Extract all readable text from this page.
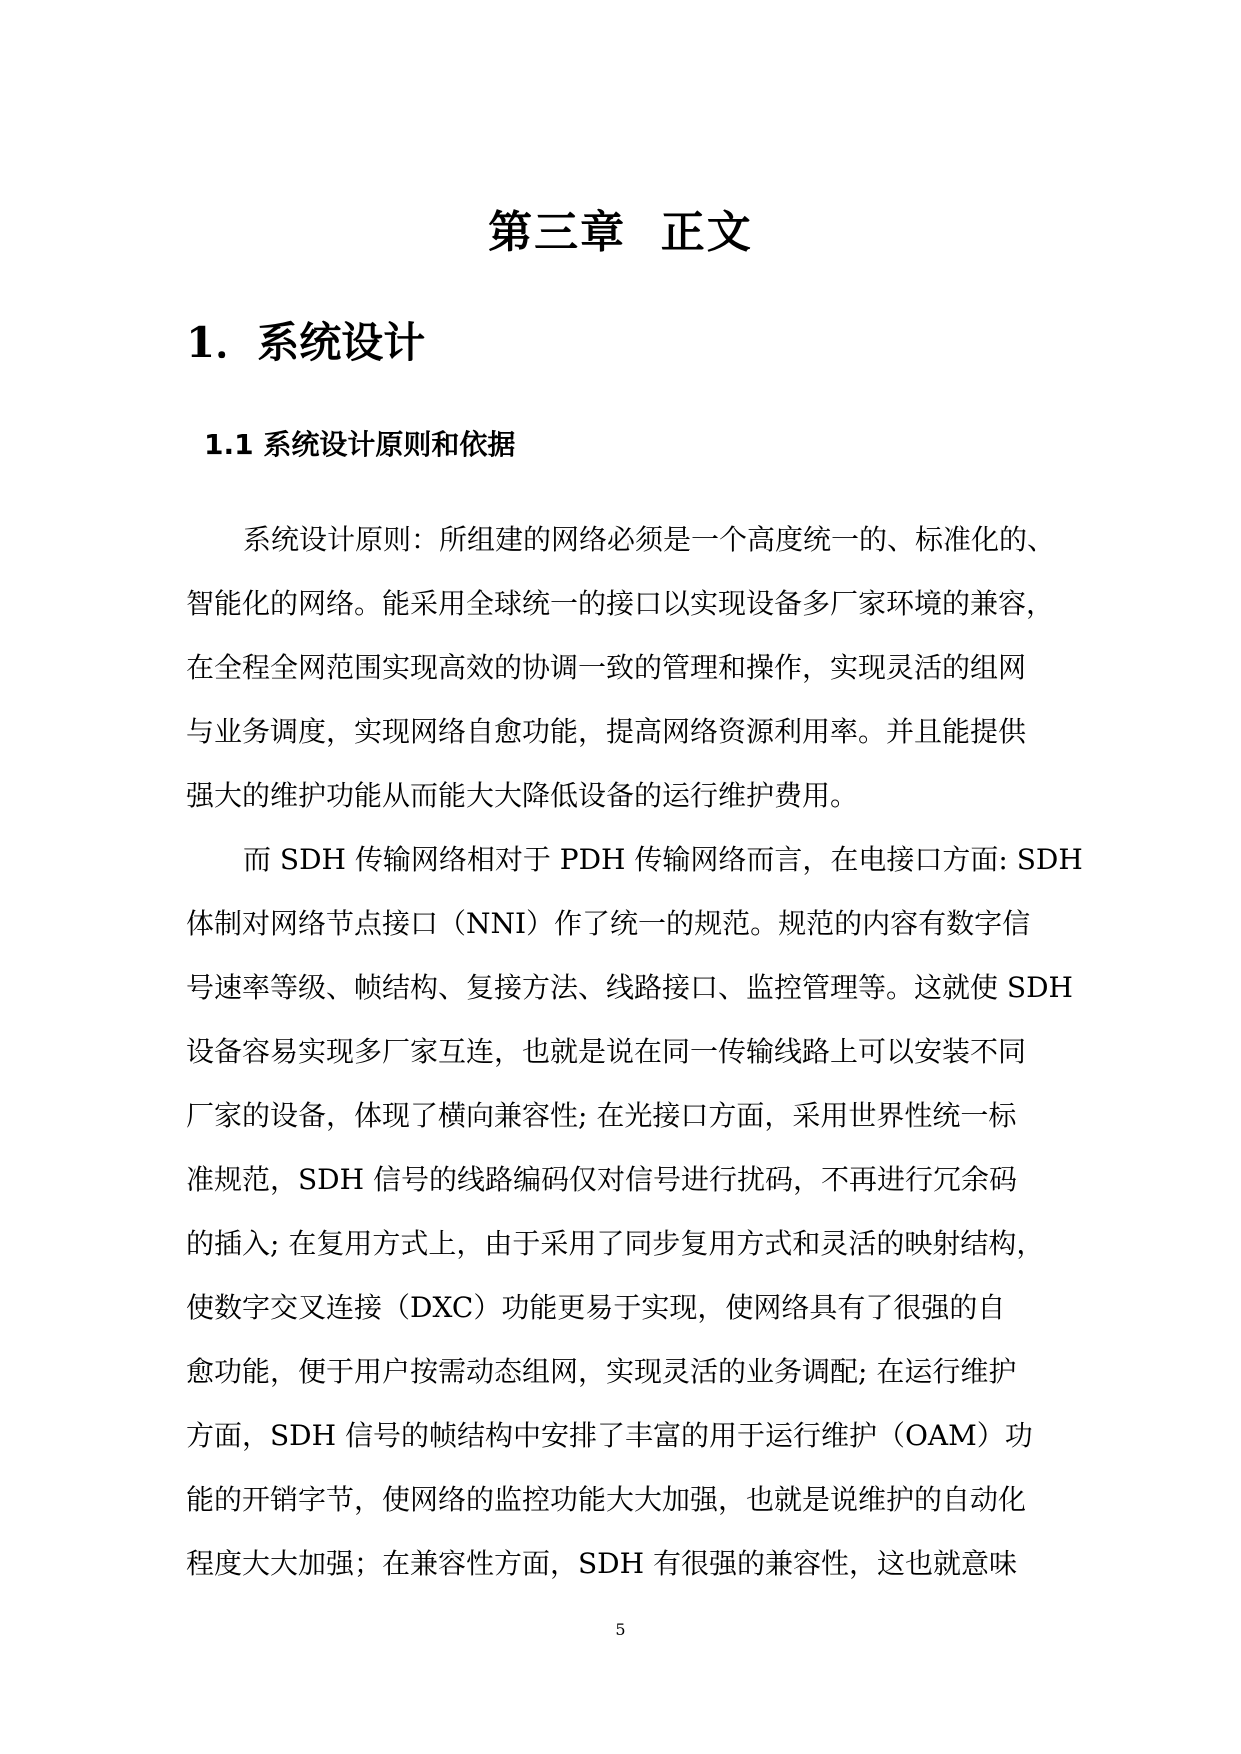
第三章  正文
1．系统设计
1.1 系统设计原则和依据
系统设计原则：所组建的网络必须是一个高度统一的、标准化的、
智能化的网络。能采用全球统一的接口以实现设备多厂家环境的兼容，
在全程全网范围实现高效的协调一致的管理和操作，实现灵活的组网
与业务调度，实现网络自愈功能，提高网络资源利用率。并且能提供
强大的维护功能从而能大大降低设备的运行维护费用。
而 SDH 传输网络相对于 PDH 传输网络而言，在电接口方面: SDH
体制对网络节点接口（NNI）作了统一的规范。规范的内容有数字信
号速率等级、帧结构、复接方法、线路接口、监控管理等。这就使 SDH
设备容易实现多厂家互连，也就是说在同一传输线路上可以安装不同
厂家的设备，体现了横向兼容性; 在光接口方面，采用世界性统一标
准规范，SDH 信号的线路编码仅对信号进行扰码，不再进行冗余码
的插入; 在复用方式上，由于采用了同步复用方式和灵活的映射结构，
使数字交叉连接（DXC）功能更易于实现，使网络具有了很强的自
愈功能，便于用户按需动态组网，实现灵活的业务调配; 在运行维护
方面，SDH 信号的帧结构中安排了丰富的用于运行维护（OAM）功
能的开销字节，使网络的监控功能大大加强，也就是说维护的自动化
程度大大加强；在兼容性方面，SDH 有很强的兼容性，这也就意味
5
